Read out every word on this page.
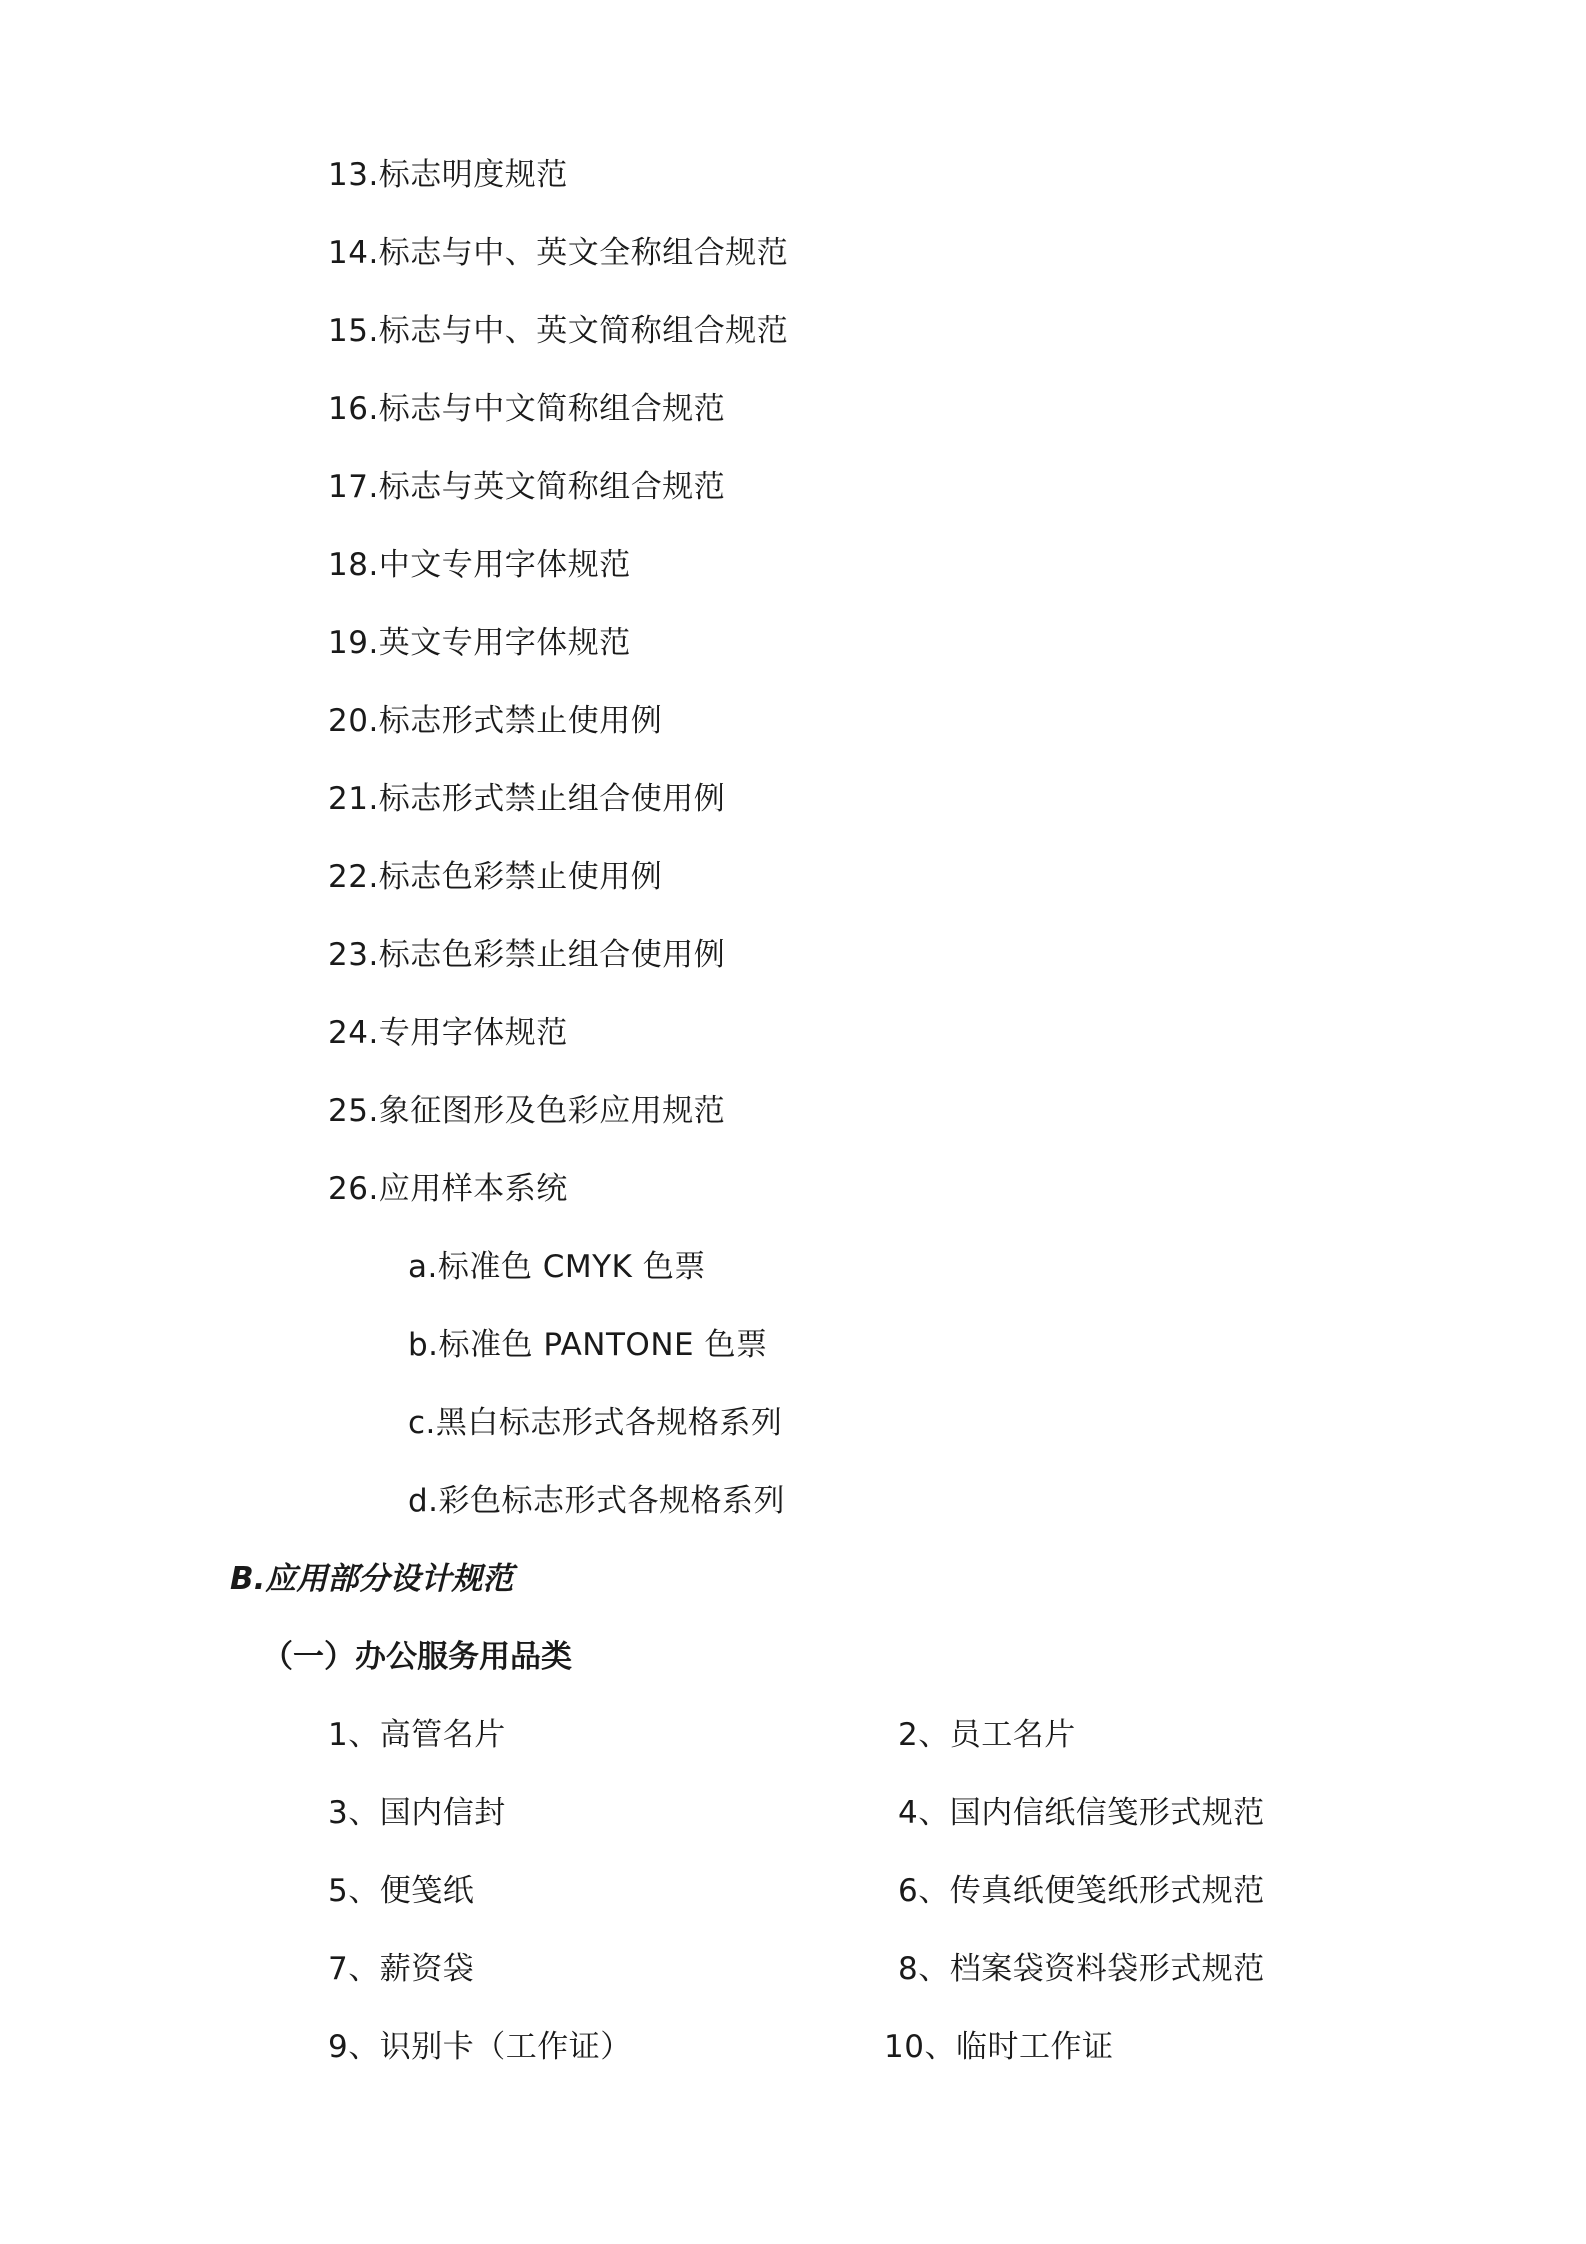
13.标志明度规范
14.标志与中、英文全称组合规范
15.标志与中、英文简称组合规范
16.标志与中文简称组合规范
17.标志与英文简称组合规范
18.中文专用字体规范
19.英文专用字体规范
20.标志形式禁止使用例
21.标志形式禁止组合使用例
22.标志色彩禁止使用例
23.标志色彩禁止组合使用例
24.专用字体规范
25.象征图形及色彩应用规范
26.应用样本系统
a.标准色 CMYK 色票
b.标准色 PANTONE 色票
c.黑白标志形式各规格系列
d.彩色标志形式各规格系列
B.应用部分设计规范
（一）办公服务用品类
1、高管名片	2、员工名片
3、国内信封	4、国内信纸信笺形式规范
5、便笺纸	6、传真纸便笺纸形式规范
7、薪资袋	8、档案袋资料袋形式规范
9、识别卡（工作证）	10、临时工作证
